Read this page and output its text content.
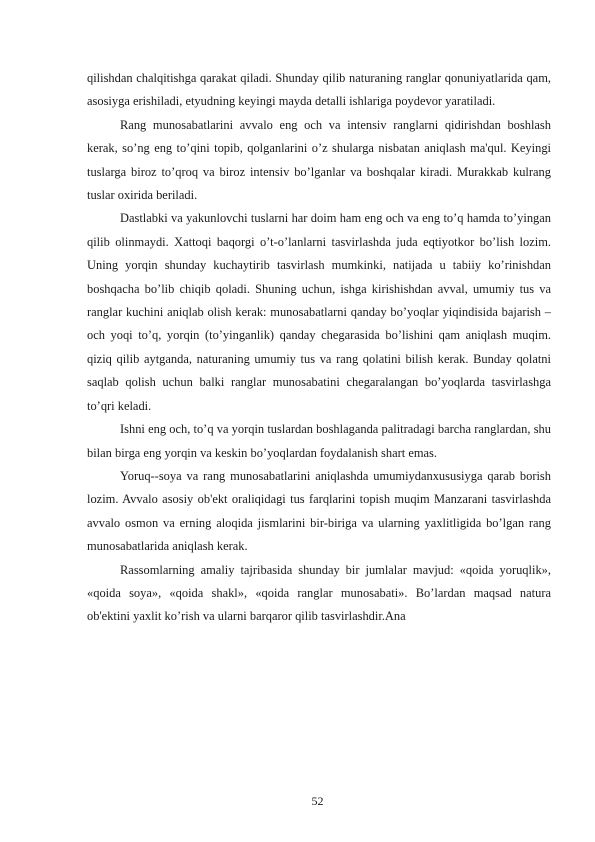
qilishdan chalqitishga qarakat qiladi. Shunday qilib naturaning ranglar qonuniyatlarida qam, asosiyga erishiladi, etyudning keyingi mayda detalli ishlariga poydevor yaratiladi.

Rang munosabatlarini avvalo eng och va intensiv ranglarni qidirishdan boshlash kerak, so’ng eng to’qini topib, qolganlarini o’z shularga nisbatan aniqlash ma'qul. Keyingi tuslarga biroz to’qroq va biroz intensiv bo’lganlar va boshqalar kiradi. Murakkab kulrang tuslar oxirida beriladi.

Dastlabki va yakunlovchi tuslarni har doim ham eng och va eng to’q hamda to’yingan qilib olinmaydi. Xattoqi baqorgi o’t-o’lanlarni tasvirlashda juda eqtiyotkor bo’lish lozim. Uning yorqin shunday kuchaytirib tasvirlash mumkinki, natijada u tabiiy ko’rinishdan boshqacha bo’lib chiqib qoladi. Shuning uchun, ishga kirishishdan avval, umumiy tus va ranglar kuchini aniqlab olish kerak: munosabatlarni qanday bo’yoqlar yiqindisida bajarish – och yoqi to’q, yorqin (to’yinganlik) qanday chegarasida bo’lishini qam aniqlash muqim. qiziq qilib aytganda, naturaning umumiy tus va rang qolatini bilish kerak. Bunday qolatni saqlab qolish uchun balki ranglar munosabatini chegaralangan bo’yoqlarda tasvirlashga to’qri keladi.

Ishni eng och, to’q va yorqin tuslardan boshlaganda palitradagi barcha ranglardan, shu bilan birga eng yorqin va keskin bo’yoqlardan foydalanish shart emas.

Yoruq--soya va rang munosabatlarini aniqlashda umumiydanxususiyga qarab borish lozim. Avvalo asosiy ob'ekt oraliqidagi tus farqlarini topish muqim Manzarani tasvirlashda avvalo osmon va erning aloqida jismlarini bir-biriga va ularning yaxlitligida bo’lgan rang munosabatlarida aniqlash kerak.

Rassomlarning amaliy tajribasida shunday bir jumlalar mavjud: «qoida yoruqlik», «qoida soya», «qoida shakl», «qoida ranglar munosabati». Bo’lardan maqsad natura ob'ektini yaxlit ko’rish va ularni barqaror qilib tasvirlashdir.Ana

52
